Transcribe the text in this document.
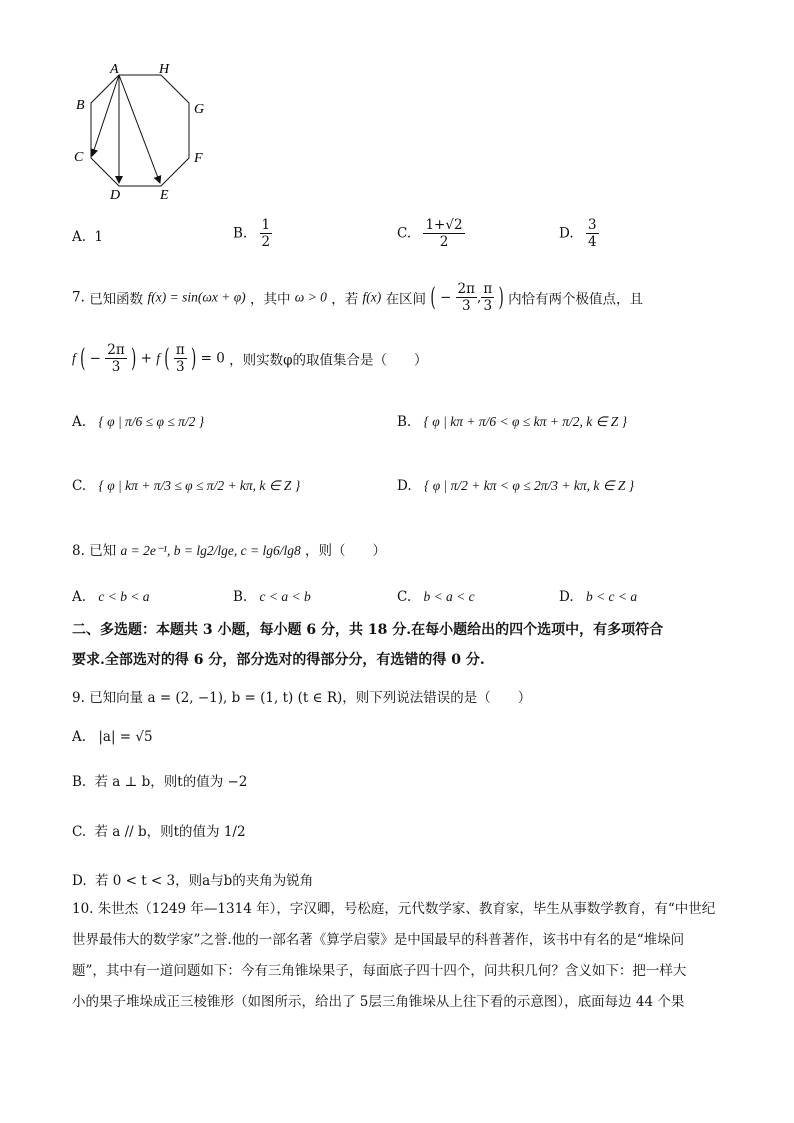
A	H
B	G
C	F
D	E
A. 1	B. $\frac{1}{2}$	C. $\frac{1+√2}{2}$	D. $\frac{3}{4}$
7. 已知函数 f(x) = sin(ωx + φ) ，其中 ω > 0 ，若 f(x) 在区间 ( − $\frac{2\pi}{3}$ , $\frac{\pi}{3}$ ) 内恰有两个极值点，且
f ( − $\frac{2\pi}{3}$ ) + f ( $\frac{\pi}{3}$ ) = 0 ，则实数φ的取值集合是（　　）
A. { φ | π/6 ≤ φ ≤ π/2 }	B. { φ | kπ + π/6 < φ ≤ kπ + π/2, k ∈ Z }
C. { φ | kπ + π/3 ≤ φ ≤ π/2 + kπ, k ∈ Z }	D. { φ | π/2 + kπ < φ ≤ 2π/3 + kπ, k ∈ Z }
8. 已知 a = 2e⁻¹, b = lg2/lge, c = lg6/lg8 ，则（　　）
A. c < b < a	B. c < a < b	C. b < a < c	D. b < c < a
二、多选题：本题共 3 小题，每小题 6 分，共 18 分.在每小题给出的四个选项中，有多项符合
要求.全部选对的得 6 分，部分选对的得部分分，有选错的得 0 分.
9. 已知向量 a = (2, −1), b = (1, t) (t ∈ R)，则下列说法错误的是（　　）
A. |a| = √5
B. 若 a ⊥ b，则t的值为 −2
C. 若 a // b，则t的值为 1/2
D. 若 0 < t < 3，则a与b的夹角为锐角
10. 朱世杰（1249 年—1314 年），字汉卿，号松庭，元代数学家、教育家，毕生从事数学教育，有“中世纪
世界最伟大的数学家”之誉.他的一部名著《算学启蒙》是中国最早的科普著作，该书中有名的是“堆垛问
题”，其中有一道问题如下：今有三角锥垛果子，每面底子四十四个，问共积几何？含义如下：把一样大
小的果子堆垛成正三棱锥形（如图所示，给出了 5层三角锥垛从上往下看的示意图），底面每边 44 个果
